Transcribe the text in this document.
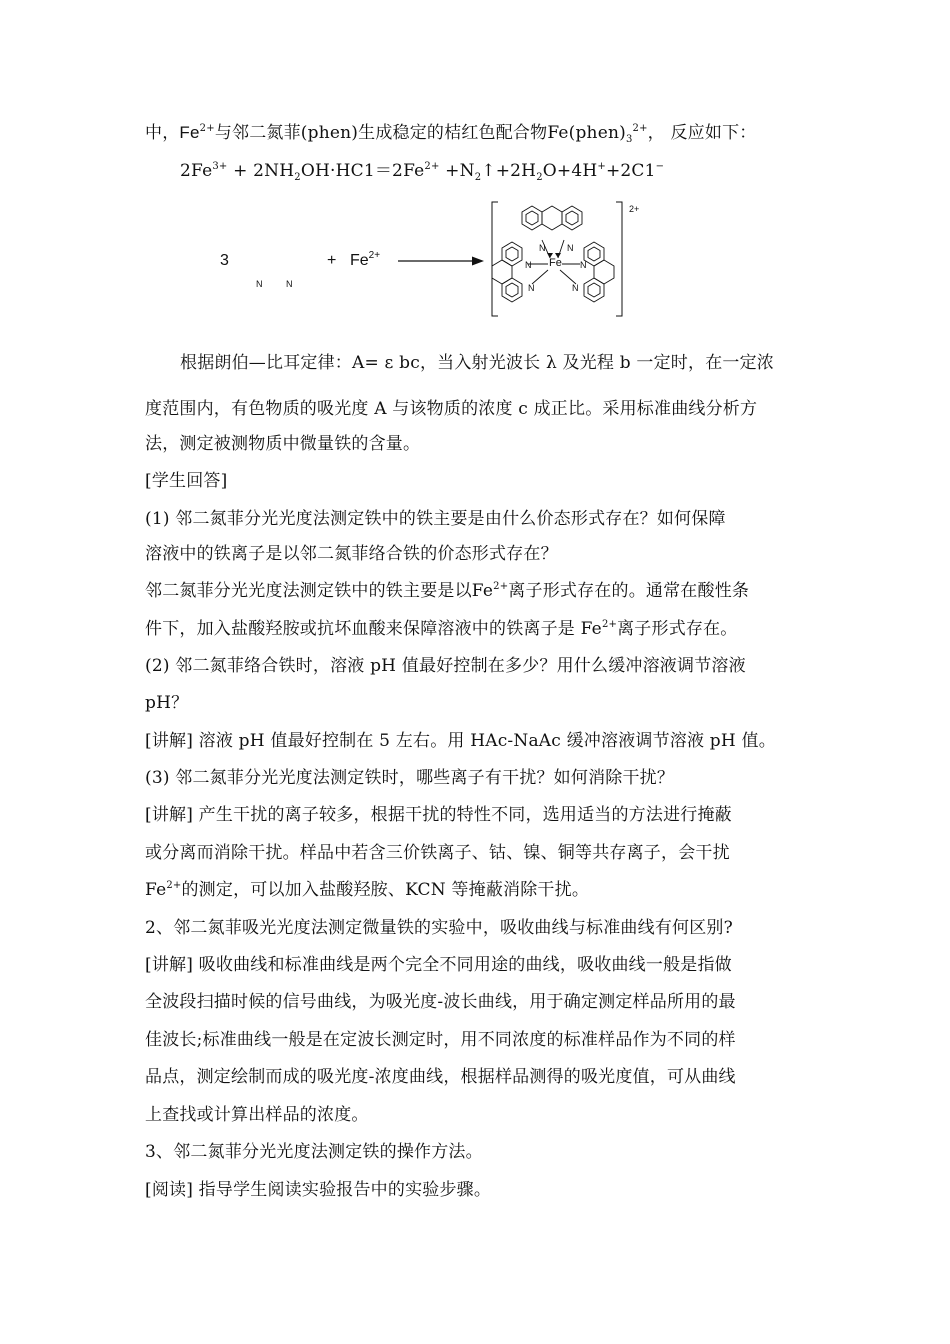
中，$Fe^{2+}$与邻二氮菲(phen)生成稳定的桔红色配合物$Fe(phen)_3^{2+}$， 反应如下：
$2Fe^{3+} + 2NH_2OH\cdot HC1=2Fe^{2+}$ $+N_2↑+2H_2O+4H^++2C1^-$
3
N	N
+ $Fe^{2+}$
N N
N	N
N	N
Fe
2+
根据朗伯—比耳定律：A= ε bc，当入射光波长 λ 及光程 b 一定时，在一定浓
度范围内，有色物质的吸光度 A 与该物质的浓度 c 成正比。采用标准曲线分析方
法，测定被测物质中微量铁的含量。
[学生回答]
(1) 邻二氮菲分光光度法测定铁中的铁主要是由什么价态形式存在？如何保障
溶液中的铁离子是以邻二氮菲络合铁的价态形式存在？
邻二氮菲分光光度法测定铁中的铁主要是以$Fe^{2+}$离子形式存在的。通常在酸性条
件下，加入盐酸羟胺或抗坏血酸来保障溶液中的铁离子是 $Fe^{2+}$离子形式存在。
(2) 邻二氮菲络合铁时，溶液 pH 值最好控制在多少？用什么缓冲溶液调节溶液
pH？
[讲解] 溶液 pH 值最好控制在 5 左右。用 HAc-NaAc 缓冲溶液调节溶液 pH 值。
(3) 邻二氮菲分光光度法测定铁时，哪些离子有干扰？如何消除干扰？
[讲解] 产生干扰的离子较多，根据干扰的特性不同，选用适当的方法进行掩蔽
或分离而消除干扰。样品中若含三价铁离子、钴、镍、铜等共存离子，会干扰
$Fe^{2+}$的测定，可以加入盐酸羟胺、KCN 等掩蔽消除干扰。
2、邻二氮菲吸光光度法测定微量铁的实验中，吸收曲线与标准曲线有何区别?
[讲解] 吸收曲线和标准曲线是两个完全不同用途的曲线，吸收曲线一般是指做
全波段扫描时候的信号曲线，为吸光度-波长曲线，用于确定测定样品所用的最
佳波长;标准曲线一般是在定波长测定时，用不同浓度的标准样品作为不同的样
品点，测定绘制而成的吸光度-浓度曲线，根据样品测得的吸光度值，可从曲线
上查找或计算出样品的浓度。
3、邻二氮菲分光光度法测定铁的操作方法。
[阅读] 指导学生阅读实验报告中的实验步骤。
